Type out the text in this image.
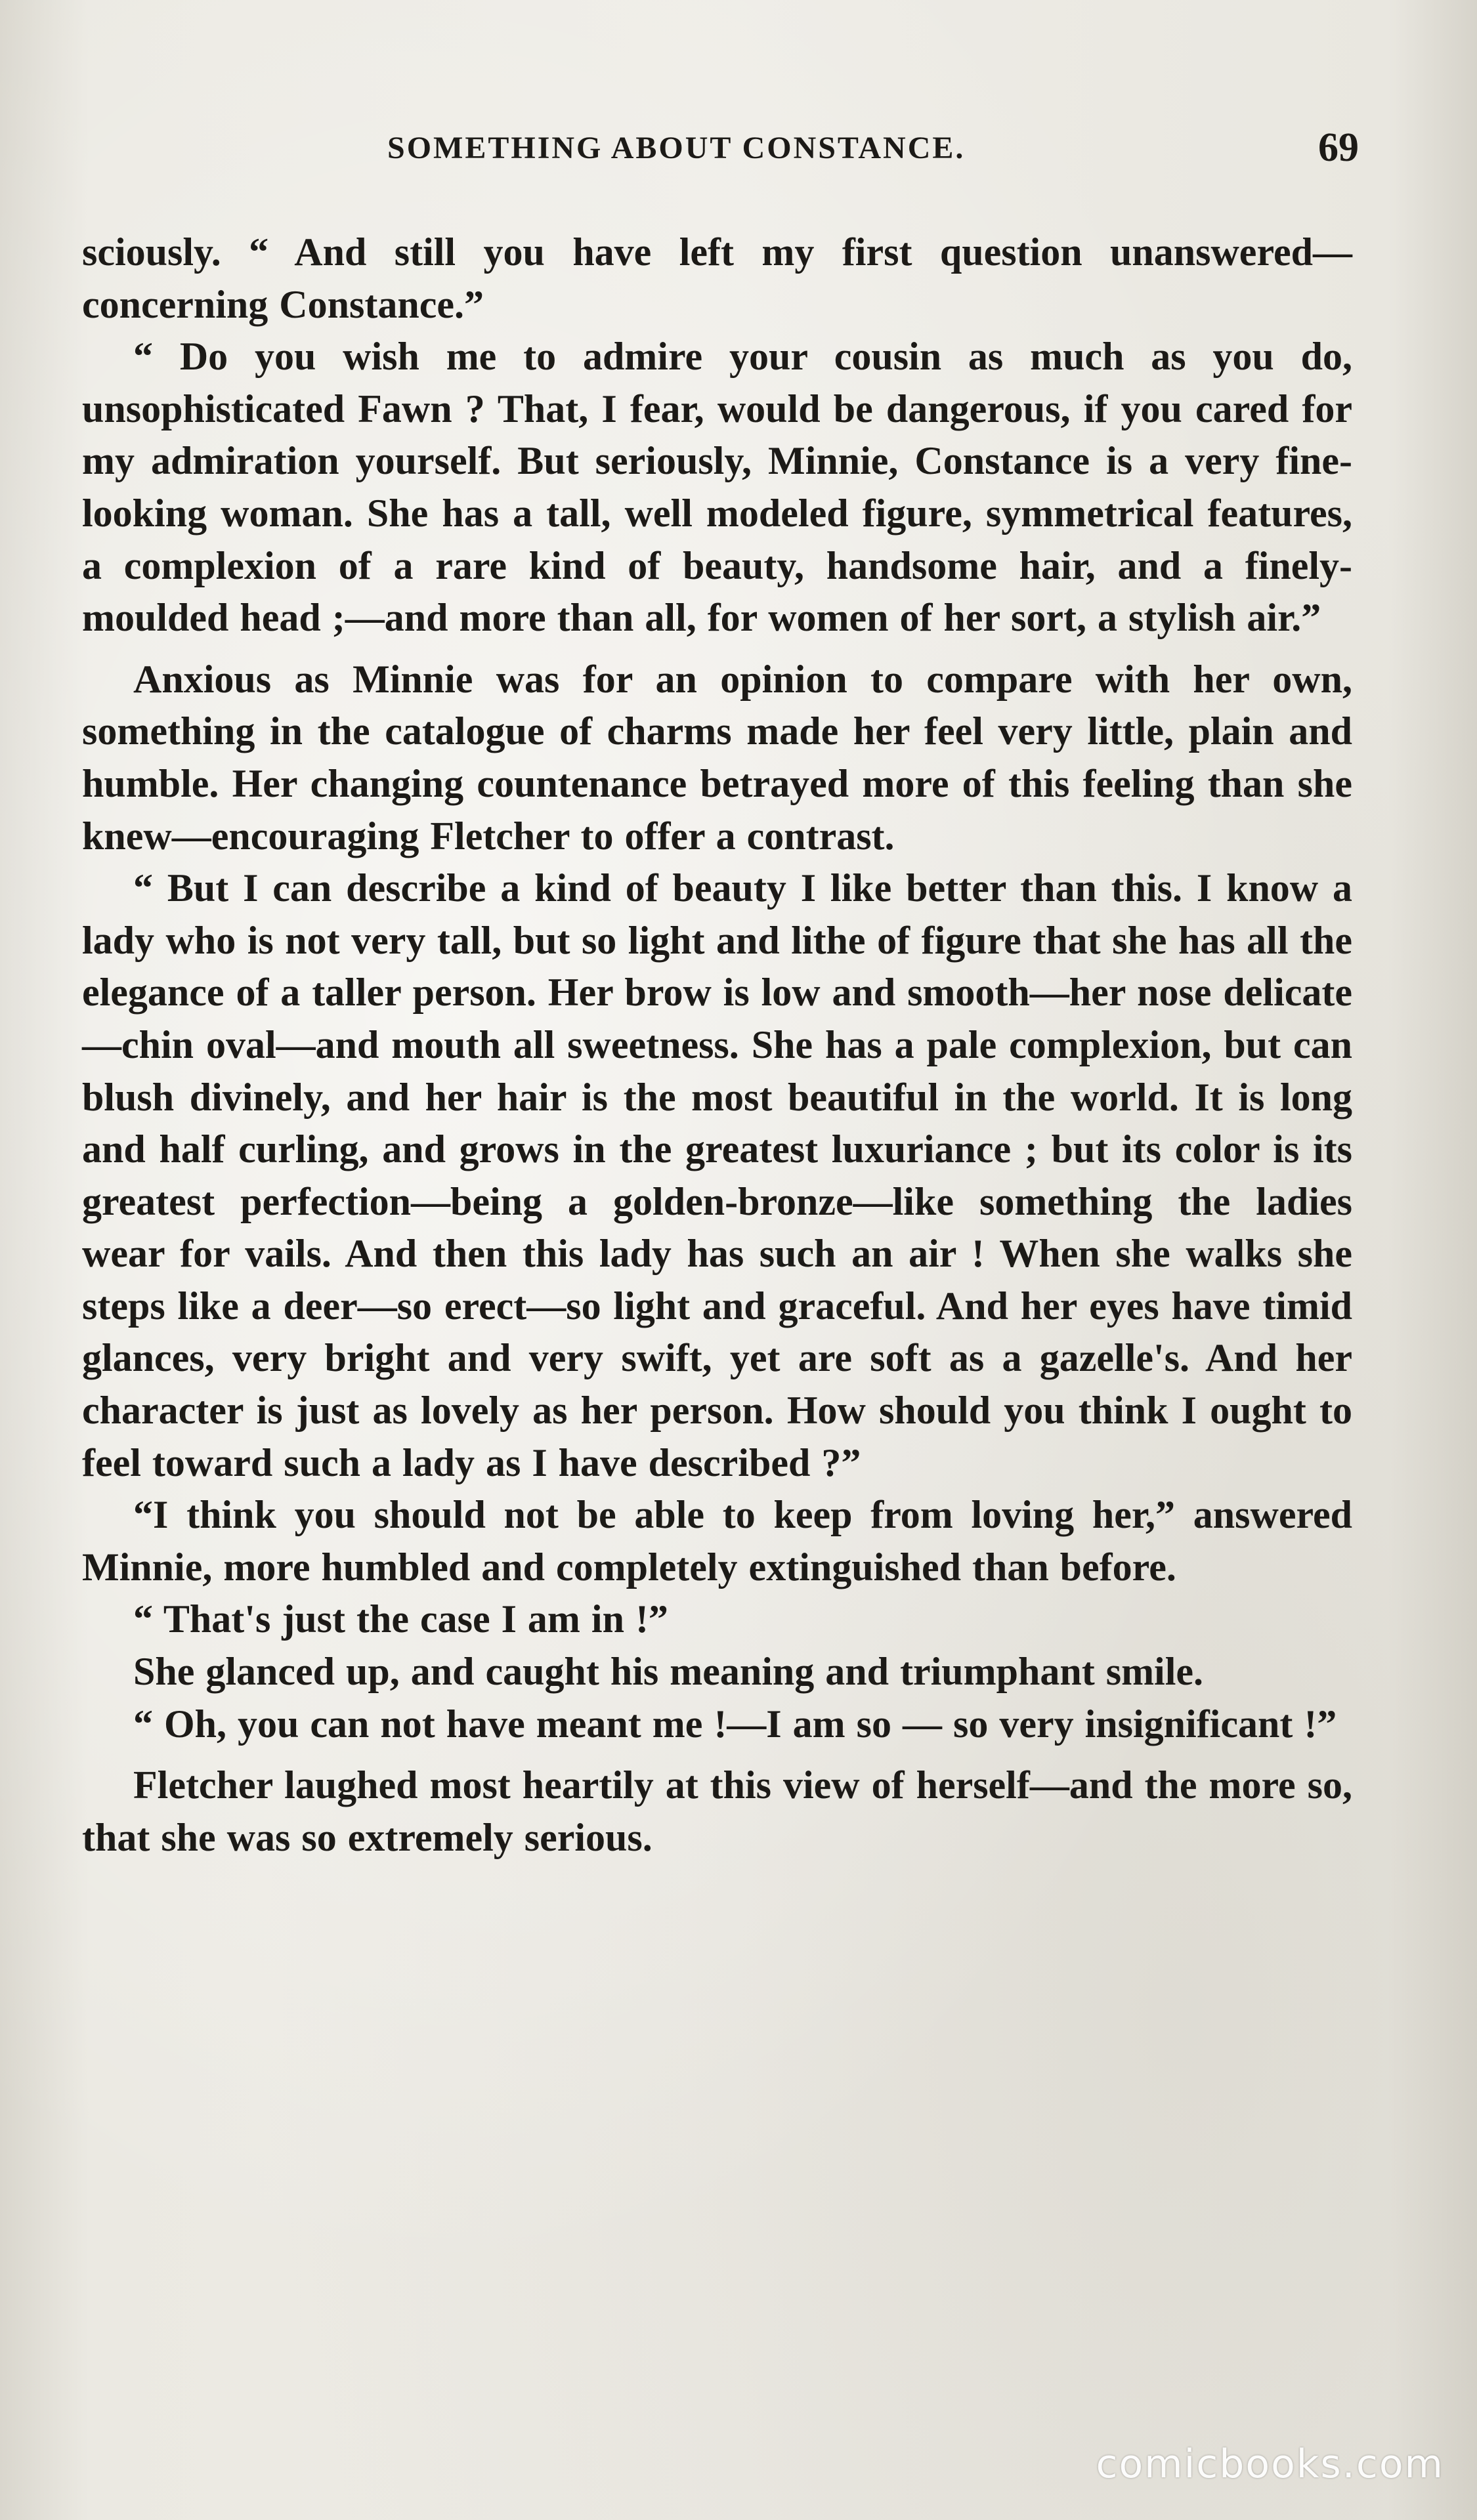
SOMETHING ABOUT CONSTANCE.	69

sciously. “ And still you have left my first question unanswered—concerning Constance.”

“ Do you wish me to admire your cousin as much as you do, unsophisticated Fawn ? That, I fear, would be dangerous, if you cared for my admiration yourself. But seriously, Minnie, Constance is a very fine-looking woman. She has a tall, well modeled figure, symmetrical features, a complexion of a rare kind of beauty, handsome hair, and a finely-moulded head ;—and more than all, for women of her sort, a stylish air.”

Anxious as Minnie was for an opinion to compare with her own, something in the catalogue of charms made her feel very little, plain and humble. Her changing countenance betrayed more of this feeling than she knew—encouraging Fletcher to offer a contrast.

“ But I can describe a kind of beauty I like better than this. I know a lady who is not very tall, but so light and lithe of figure that she has all the elegance of a taller person. Her brow is low and smooth—her nose delicate—chin oval—and mouth all sweetness. She has a pale complexion, but can blush divinely, and her hair is the most beautiful in the world. It is long and half curling, and grows in the greatest luxuriance ; but its color is its greatest perfection—being a golden-bronze—like something the ladies wear for vails. And then this lady has such an air ! When she walks she steps like a deer—so erect—so light and graceful. And her eyes have timid glances, very bright and very swift, yet are soft as a gazelle's. And her character is just as lovely as her person. How should you think I ought to feel toward such a lady as I have described ?”

“I think you should not be able to keep from loving her,” answered Minnie, more humbled and completely extinguished than before.

“ That's just the case I am in !”

She glanced up, and caught his meaning and triumphant smile.

“ Oh, you can not have meant me !—I am so — so very insignificant !”

Fletcher laughed most heartily at this view of herself—and the more so, that she was so extremely serious.

comicbooks.com
